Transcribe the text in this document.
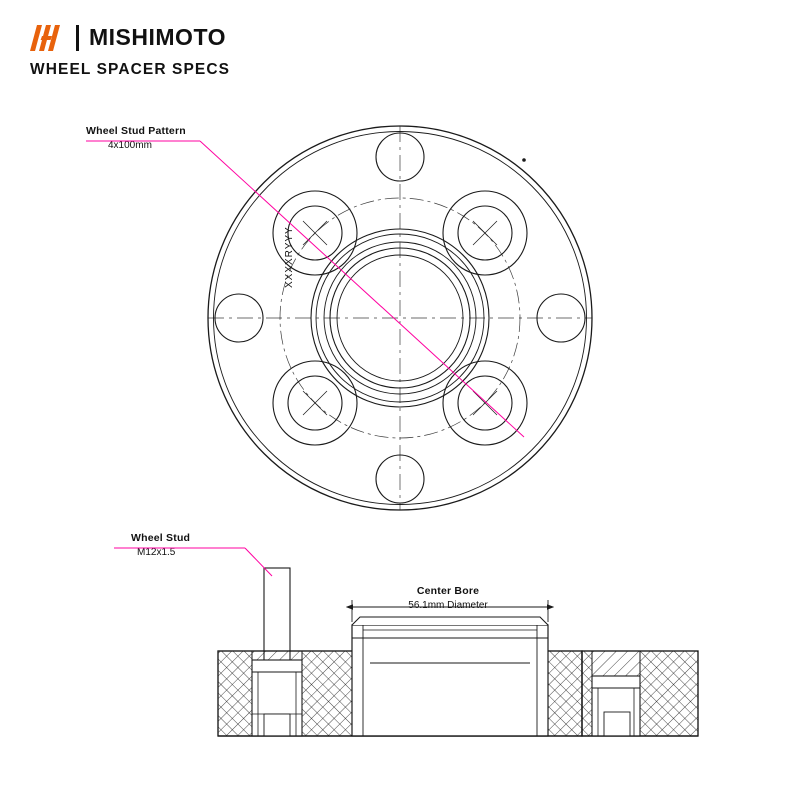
MISHIMOTO
WHEEL SPACER SPECS
Wheel Stud Pattern
4x100mm
Wheel Stud
M12x1.5
Center Bore
56.1mm Diameter
XXXXRYYY
